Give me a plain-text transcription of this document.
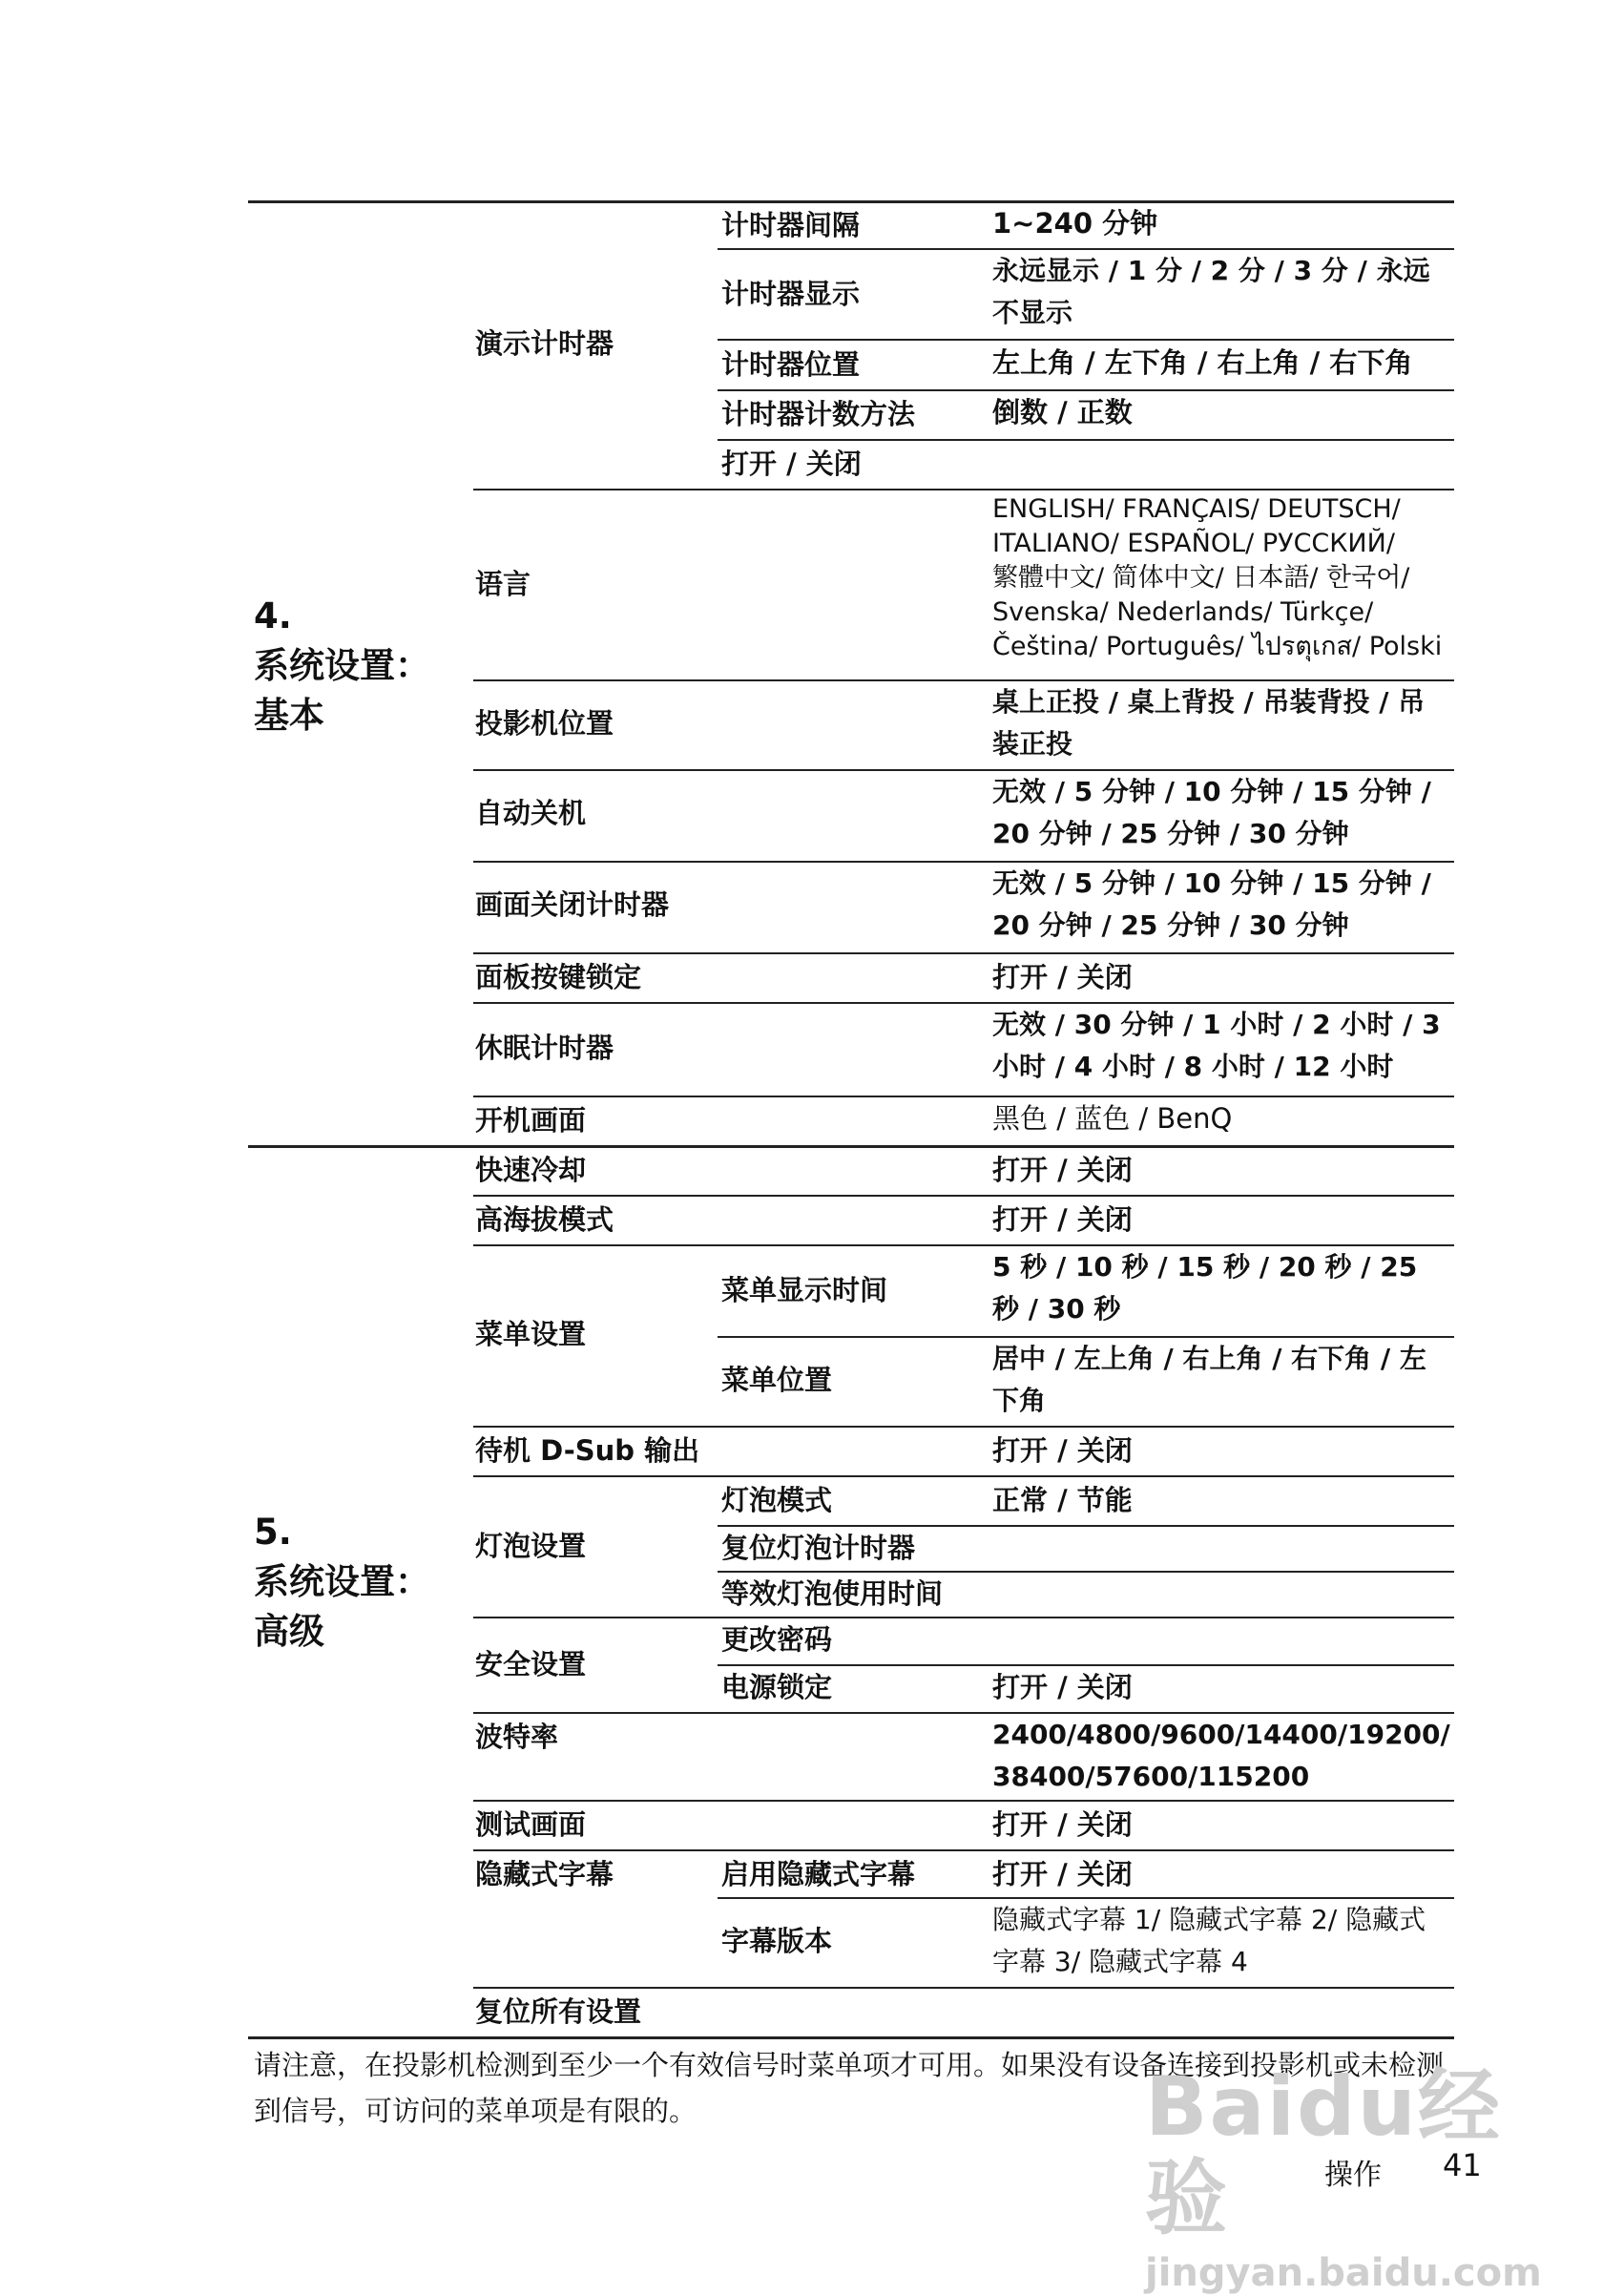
4.
系统设置：
基本
5.
系统设置：
高级
演示计时器
语言
投影机位置
自动关机
画面关闭计时器
面板按键锁定
休眠计时器
开机画面
快速冷却
高海拔模式
菜单设置
待机 D-Sub 输出
灯泡设置
安全设置
波特率
测试画面
隐藏式字幕
复位所有设置
计时器间隔
计时器显示
计时器位置
计时器计数方法
打开 / 关闭
菜单显示时间
菜单位置
灯泡模式
复位灯泡计时器
等效灯泡使用时间
更改密码
电源锁定
启用隐藏式字幕
字幕版本
1~240 分钟
永远显示 / 1 分 / 2 分 / 3 分 / 永远 不显示
左上角 / 左下角 / 右上角 / 右下角
倒数 / 正数
ENGLISH/ FRANÇAIS/ DEUTSCH/
ITALIANO/ ESPAÑOL/ РУССКИЙ/
繁體中文/ 简体中文/ 日本語/ 한국어/
Svenska/ Nederlands/ Türkçe/
Čeština/ Português/ ไปรตุเกส/ Polski
桌上正投 / 桌上背投 / 吊装背投 / 吊装正投
无效 / 5 分钟 / 10 分钟 / 15 分钟 / 20 分钟 / 25 分钟 / 30 分钟
无效 / 5 分钟 / 10 分钟 / 15 分钟 / 20 分钟 / 25 分钟 / 30 分钟
打开 / 关闭
无效 / 30 分钟 / 1 小时 / 2 小时 / 3 小时 / 4 小时 / 8 小时 / 12 小时
黑色 / 蓝色 / BenQ
打开 / 关闭
打开 / 关闭
5 秒 / 10 秒 / 15 秒 / 20 秒 / 25 秒 / 30 秒
居中 / 左上角 / 右上角 / 右下角 / 左下角
打开 / 关闭
正常 / 节能
打开 / 关闭
2400/4800/9600/14400/19200/ 38400/57600/115200
打开 / 关闭
打开 / 关闭
隐藏式字幕 1/ 隐藏式字幕 2/ 隐藏式字幕 3/ 隐藏式字幕 4
请注意，在投影机检测到至少一个有效信号时菜单项才可用。如果没有设备连接到投影机或未检测到信号，可访问的菜单项是有限的。	Baidu经验
jingyan.baidu.com
操作 41
